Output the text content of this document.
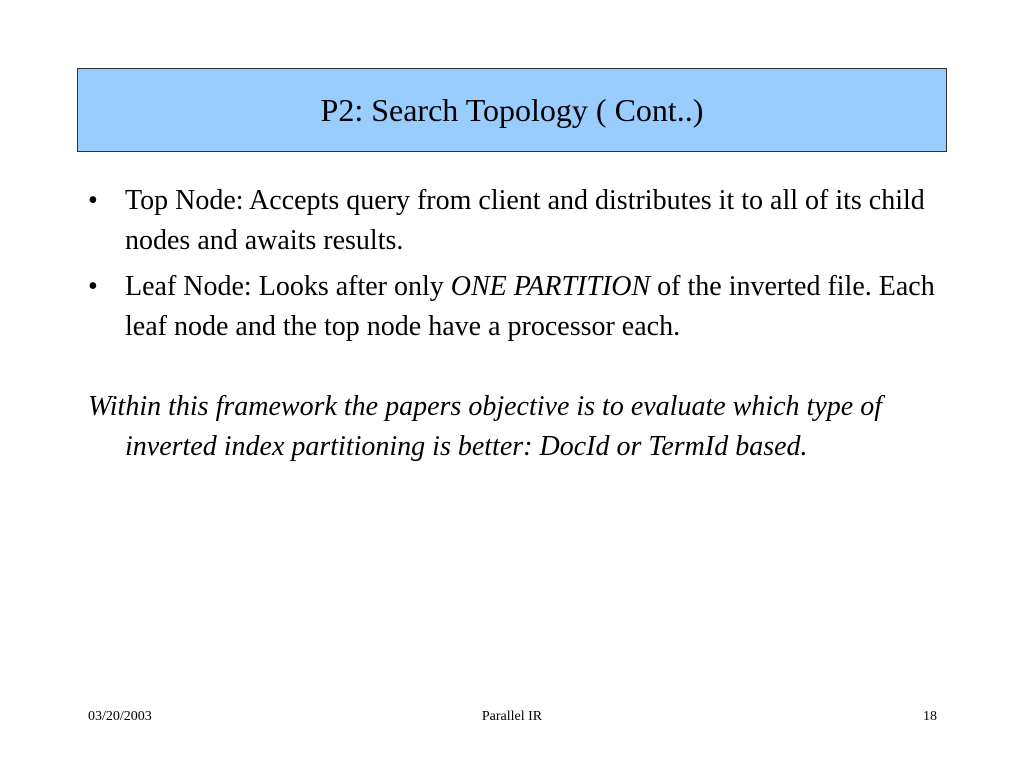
P2: Search Topology ( Cont..)
• Top Node: Accepts query from client and distributes it to all of its child nodes and awaits results.
• Leaf Node: Looks after only ONE PARTITION of the inverted file. Each leaf node and the top node have a processor each.
Within this framework the papers objective is to evaluate which type of inverted index partitioning is better: DocId or TermId based.
03/20/2003	Parallel IR	18
